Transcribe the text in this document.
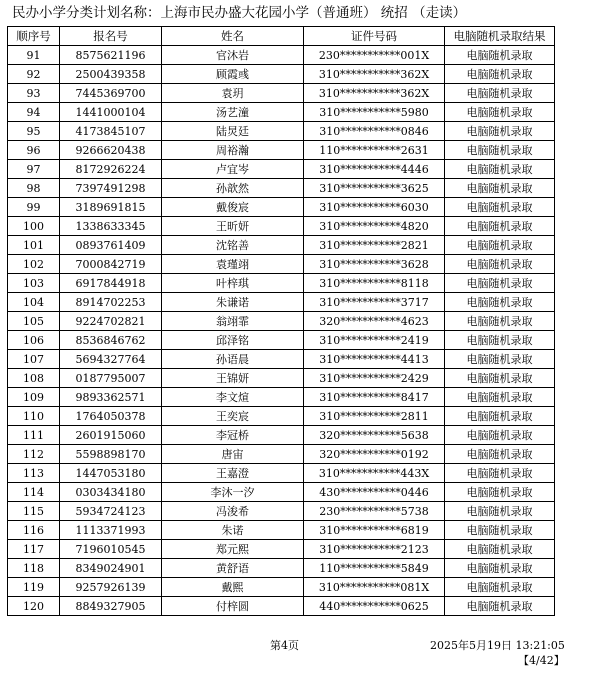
民办小学分类计划名称：上海市民办盛大花园小学（普通班） 统招 （走读）
顺序号	报名号	姓名	证件号码	电脑随机录取结果
91	8575621196	官沐岩	230***********001X	电脑随机录取
92	2500439358	顾霞彧	310***********362X	电脑随机录取
93	7445369700	袁玥	310***********362X	电脑随机录取
94	1441000104	汤艺潼	310***********5980	电脑随机录取
95	4173845107	陆炅廷	310***********0846	电脑随机录取
96	9266620438	周裕瀚	110***********2631	电脑随机录取
97	8172926224	卢宜岑	310***********4446	电脑随机录取
98	7397491298	孙歆然	310***********3625	电脑随机录取
99	3189691815	戴俊宸	310***********6030	电脑随机录取
100	1338633345	王昕妍	310***********4820	电脑随机录取
101	0893761409	沈铭善	310***********2821	电脑随机录取
102	7000842719	袁瑾翊	310***********3628	电脑随机录取
103	6917844918	叶梓琪	310***********8118	电脑随机录取
104	8914702253	朱谦诺	310***********3717	电脑随机录取
105	9224702821	翁翊霏	320***********4623	电脑随机录取
106	8536846762	邱泽铭	310***********2419	电脑随机录取
107	5694327764	孙语晨	310***********4413	电脑随机录取
108	0187795007	王锦妍	310***********2429	电脑随机录取
109	9893362571	李文煊	310***********8417	电脑随机录取
110	1764050378	王奕宸	310***********2811	电脑随机录取
111	2601915060	李冠桥	320***********5638	电脑随机录取
112	5598898170	唐宙	320***********0192	电脑随机录取
113	1447053180	王嘉澄	310***********443X	电脑随机录取
114	0303434180	李沐一汐	430***********0446	电脑随机录取
115	5934724123	冯浚希	230***********5738	电脑随机录取
116	1113371993	朱诺	310***********6819	电脑随机录取
117	7196010545	郑元熙	310***********2123	电脑随机录取
118	8349024901	黄舒语	110***********5849	电脑随机录取
119	9257926139	戴熙	310***********081X	电脑随机录取
120	8849327905	付梓圆	440***********0625	电脑随机录取
第4页	2025年5月19日 13:21:05
【4/42】
